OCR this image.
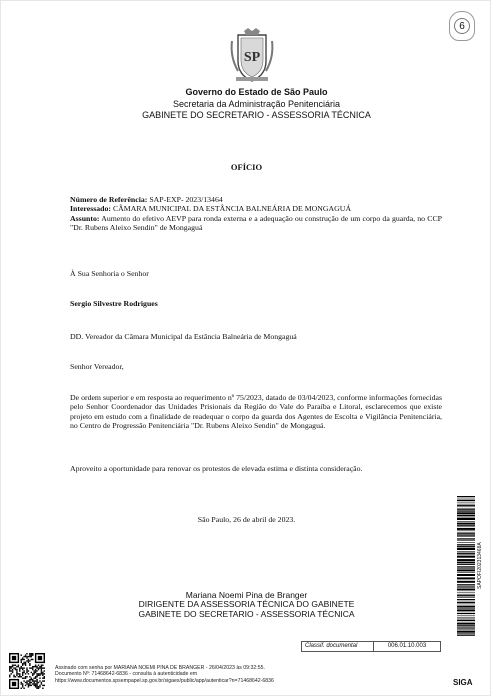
SP
6
Governo do Estado de São Paulo
Secretaria da Administração Penitenciária
GABINETE DO SECRETARIO - ASSESSORIA TÉCNICA
OFÍCIO
Número de Referência: SAP-EXP- 2023/13464
Interessado: CÂMARA MUNICIPAL DA ESTÂNCIA BALNEÁRIA DE MONGAGUÁ
Assunto: Aumento do efetivo AEVP para ronda externa e a adequação ou construção de um corpo da guarda, no CCP "Dr. Rubens Aleixo Sendin" de Mongaguá
À Sua Senhoria o Senhor
Sergio Silvestre Rodrigues
DD. Vereador da Câmara Municipal da Estância Balneária de Mongaguá
Senhor Vereador,
De ordem superior e em resposta ao requerimento nº 75/2023, datado de 03/04/2023, conforme informações fornecidas pelo Senhor Coordenador das Unidades Prisionais da Região do Vale do Paraíba e Litoral, esclarecemos que existe projeto em estudo com a finalidade de readequar o corpo da guarda dos Agentes de Escolta e Vigilância Penitenciária, no Centro de Progressão Penitenciária "Dr. Rubens Aleixo Sendin" de Mongaguá.
Aproveito a oportunidade para renovar os protestos de elevada estima e distinta consideração.
São Paulo, 26 de abril de 2023.
Mariana Noemi Pina de Branger
DIRIGENTE DA ASSESSORIA TÉCNICA DO GABINETE
GABINETE DO SECRETARIO - ASSESSORIA TÉCNICA
Classif. documental	006.01.10.003
SAPOFI202313468A
Assinado com senha por MARIANA NOEMI PINA DE BRANGER - 26/04/2023 às 09:32:55.
Documento Nº: 71468642-6836 - consulta à autenticidade em
https://www.documentos.spsempapel.sp.gov.br/sigaex/public/app/autenticar?n=71468642-6836	SIGA
